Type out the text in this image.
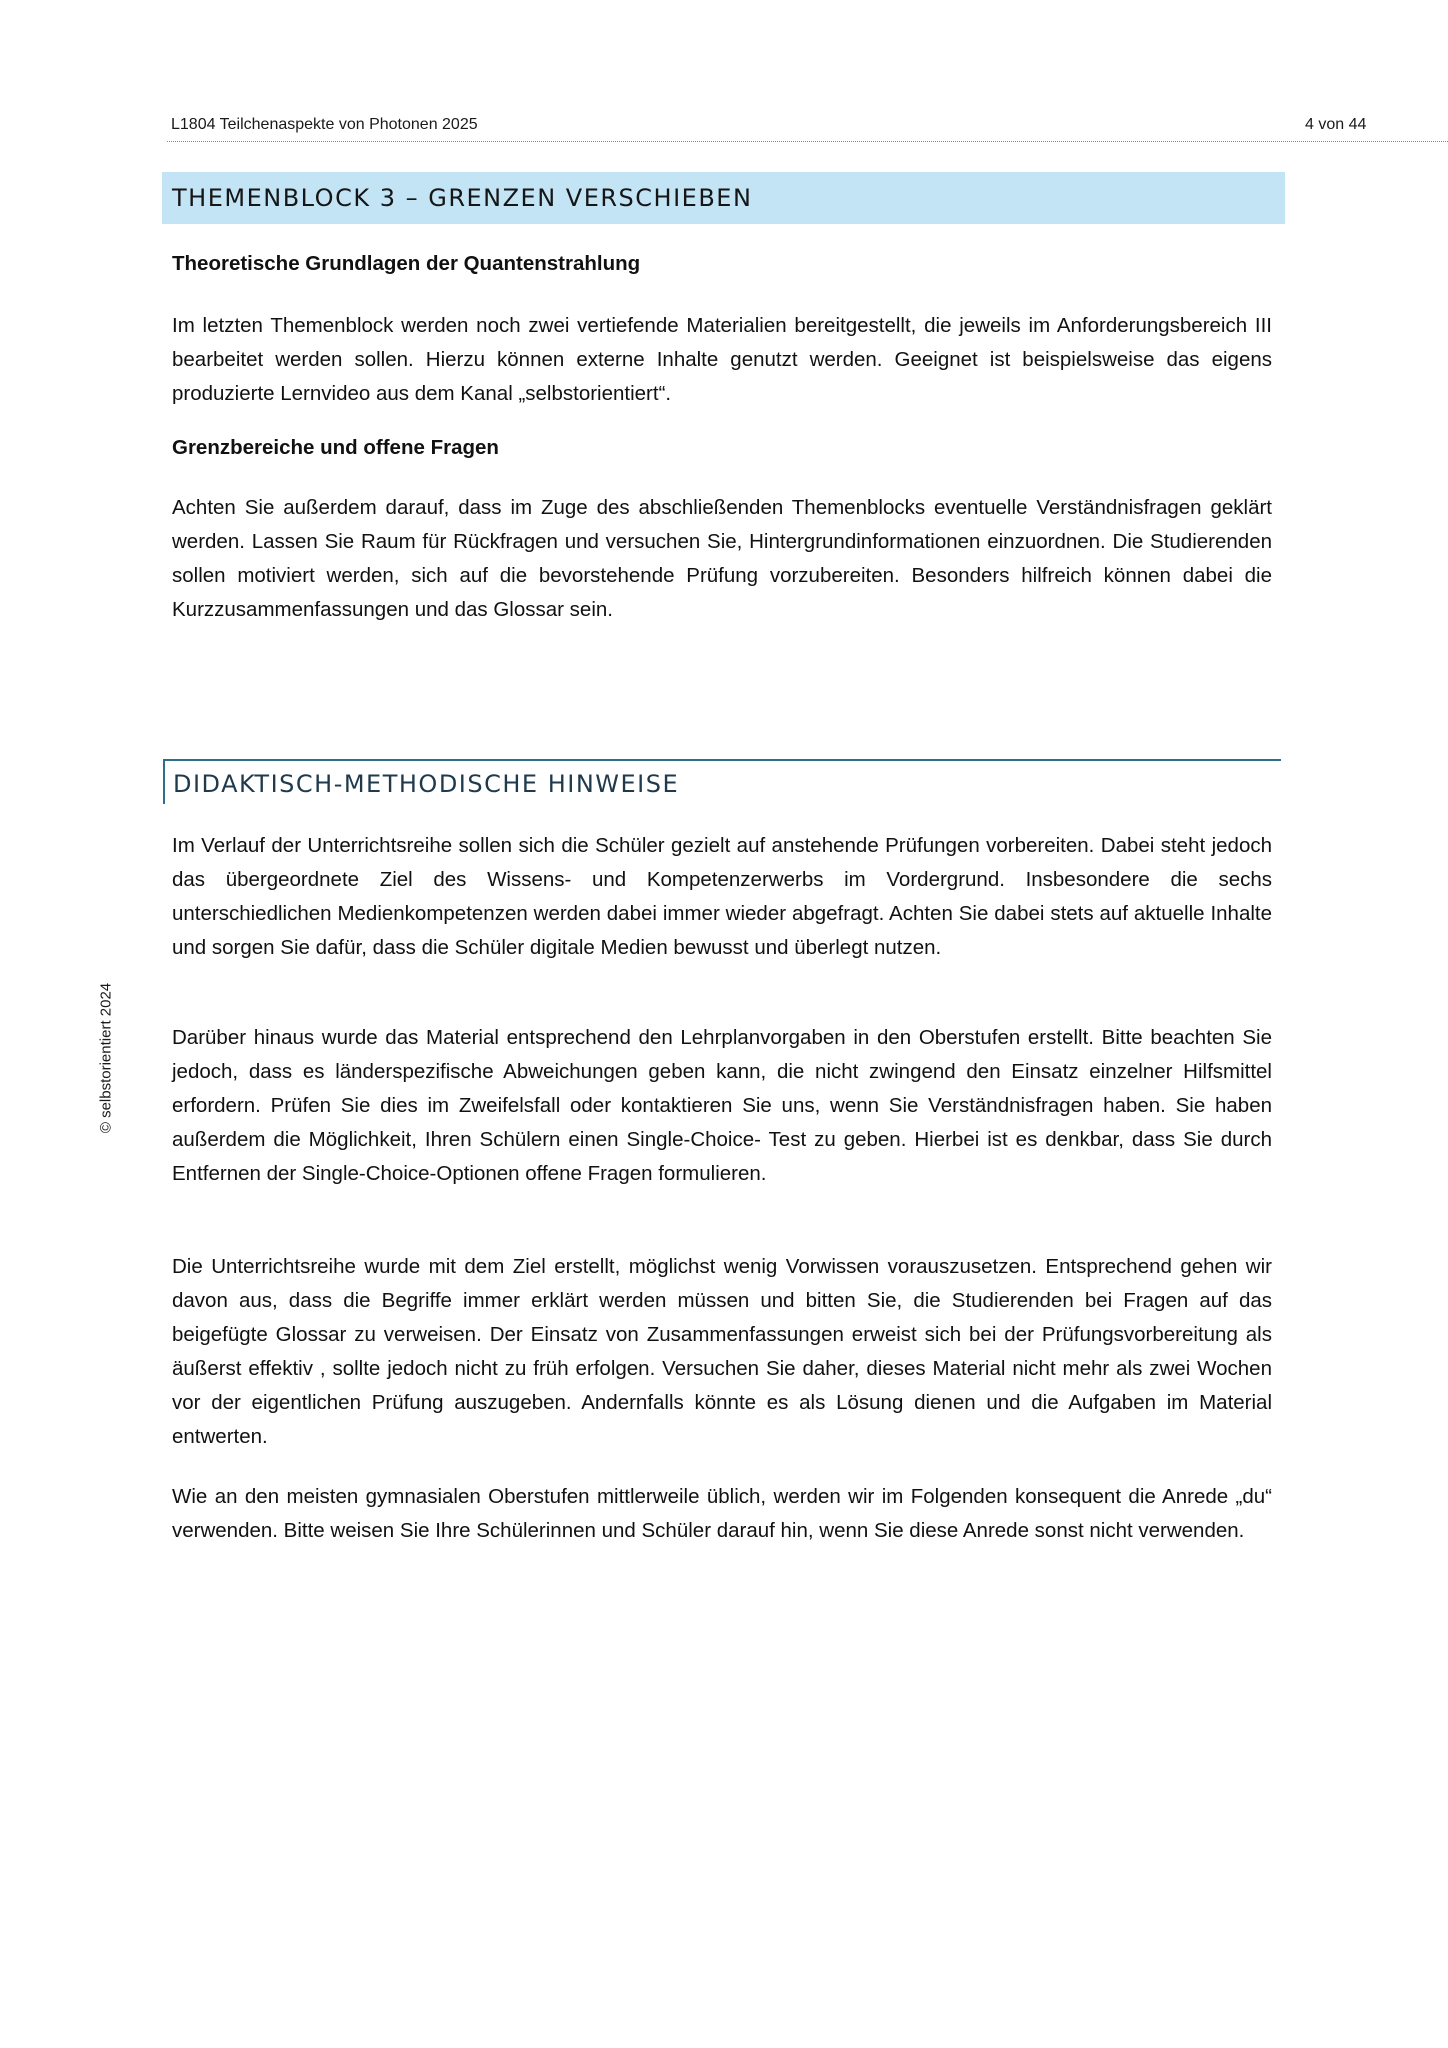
L1804 Teilchenaspekte von Photonen 2025	4 von 44
THEMENBLOCK 3 – GRENZEN VERSCHIEBEN
Theoretische Grundlagen der Quantenstrahlung
Im letzten Themenblock werden noch zwei vertiefende Materialien bereitgestellt, die jeweils im Anforderungsbereich III bearbeitet werden sollen. Hierzu können externe Inhalte genutzt werden. Geeignet ist beispielsweise das eigens produzierte Lernvideo aus dem Kanal „selbstorientiert“.
Grenzbereiche und offene Fragen
Achten Sie außerdem darauf, dass im Zuge des abschließenden Themenblocks eventuelle Verständnisfragen geklärt werden. Lassen Sie Raum für Rückfragen und versuchen Sie, Hintergrundinformationen einzuordnen. Die Studierenden sollen motiviert werden, sich auf die bevorstehende Prüfung vorzubereiten. Besonders hilfreich können dabei die Kurzzusammenfassungen und das Glossar sein.
DIDAKTISCH-METHODISCHE HINWEISE
Im Verlauf der Unterrichtsreihe sollen sich die Schüler gezielt auf anstehende Prüfungen vorbereiten. Dabei steht jedoch das übergeordnete Ziel des Wissens- und Kompetenzerwerbs im Vordergrund. Insbesondere die sechs unterschiedlichen Medienkompetenzen werden dabei immer wieder abgefragt. Achten Sie dabei stets auf aktuelle Inhalte und sorgen Sie dafür, dass die Schüler digitale Medien bewusst und überlegt nutzen.
Darüber hinaus wurde das Material entsprechend den Lehrplanvorgaben in den Oberstufen erstellt. Bitte beachten Sie jedoch, dass es länderspezifische Abweichungen geben kann, die nicht zwingend den Einsatz einzelner Hilfsmittel erfordern. Prüfen Sie dies im Zweifelsfall oder kontaktieren Sie uns, wenn Sie Verständnisfragen haben. Sie haben außerdem die Möglichkeit, Ihren Schülern einen Single-Choice- Test zu geben. Hierbei ist es denkbar, dass Sie durch Entfernen der Single-Choice-Optionen offene Fragen formulieren.
Die Unterrichtsreihe wurde mit dem Ziel erstellt, möglichst wenig Vorwissen vorauszusetzen. Entsprechend gehen wir davon aus, dass die Begriffe immer erklärt werden müssen und bitten Sie, die Studierenden bei Fragen auf das beigefügte Glossar zu verweisen. Der Einsatz von Zusammenfassungen erweist sich bei der Prüfungsvorbereitung als äußerst effektiv , sollte jedoch nicht zu früh erfolgen. Versuchen Sie daher, dieses Material nicht mehr als zwei Wochen vor der eigentlichen Prüfung auszugeben. Andernfalls könnte es als Lösung dienen und die Aufgaben im Material entwerten.
Wie an den meisten gymnasialen Oberstufen mittlerweile üblich, werden wir im Folgenden konsequent die Anrede „du“ verwenden. Bitte weisen Sie Ihre Schülerinnen und Schüler darauf hin, wenn Sie diese Anrede sonst nicht verwenden.
© selbstorientiert 2024
